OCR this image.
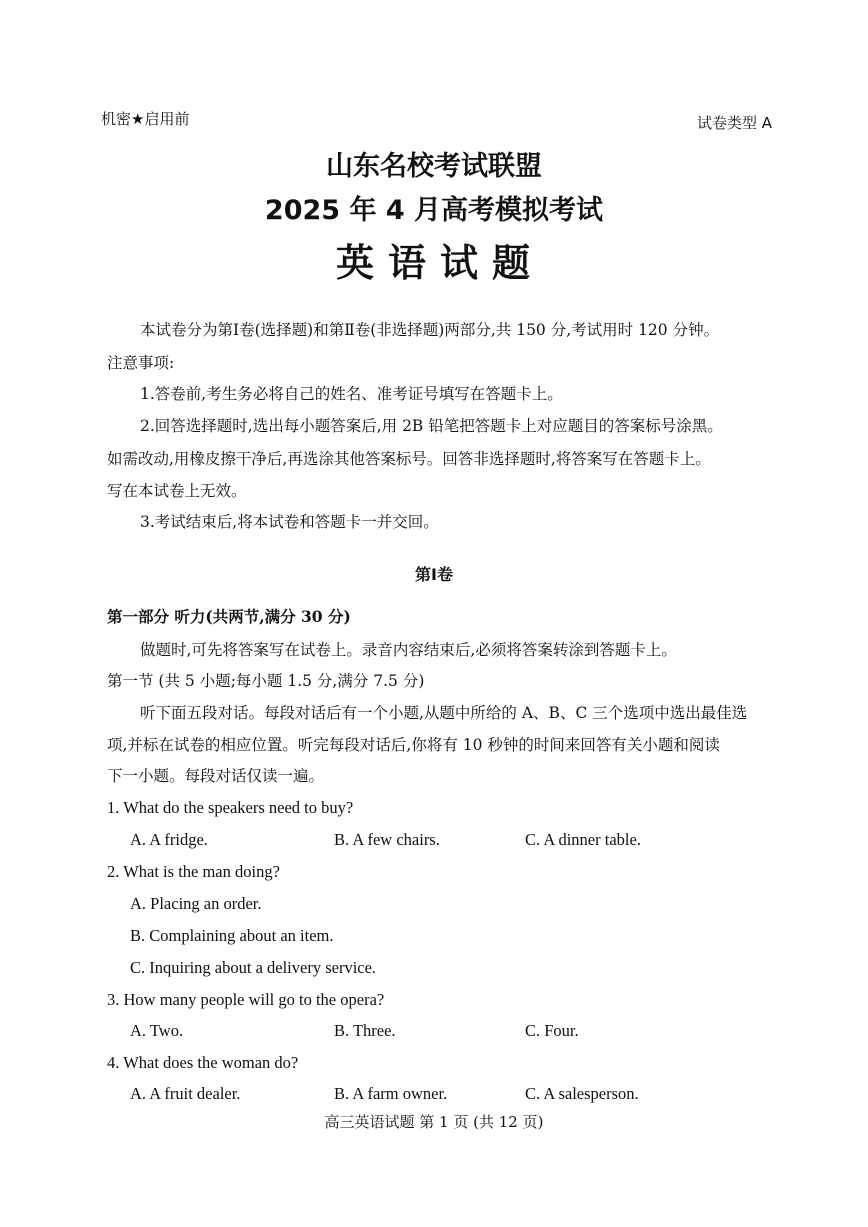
机密★启用前	试卷类型 A
山东名校考试联盟
2025 年 4 月高考模拟考试
英语试题
本试卷分为第Ⅰ卷(选择题)和第Ⅱ卷(非选择题)两部分,共 150 分,考试用时 120 分钟。
注意事项:
1.答卷前,考生务必将自己的姓名、准考证号填写在答题卡上。
2.回答选择题时,选出每小题答案后,用 2B 铅笔把答题卡上对应题目的答案标号涂黑。
如需改动,用橡皮擦干净后,再选涂其他答案标号。回答非选择题时,将答案写在答题卡上。
写在本试卷上无效。
3.考试结束后,将本试卷和答题卡一并交回。
第Ⅰ卷
第一部分 听力(共两节,满分 30 分)
做题时,可先将答案写在试卷上。录音内容结束后,必须将答案转涂到答题卡上。
第一节 (共 5 小题;每小题 1.5 分,满分 7.5 分)
听下面五段对话。每段对话后有一个小题,从题中所给的 A、B、C 三个选项中选出最佳选
项,并标在试卷的相应位置。听完每段对话后,你将有 10 秒钟的时间来回答有关小题和阅读
下一小题。每段对话仅读一遍。
1. What do the speakers need to buy?
A. A fridge.	B. A few chairs.	C. A dinner table.
2. What is the man doing?
A. Placing an order.
B. Complaining about an item.
C. Inquiring about a delivery service.
3. How many people will go to the opera?
A. Two.	B. Three.	C. Four.
4. What does the woman do?
A. A fruit dealer.	B. A farm owner.	C. A salesperson.
高三英语试题 第 1 页 (共 12 页)
